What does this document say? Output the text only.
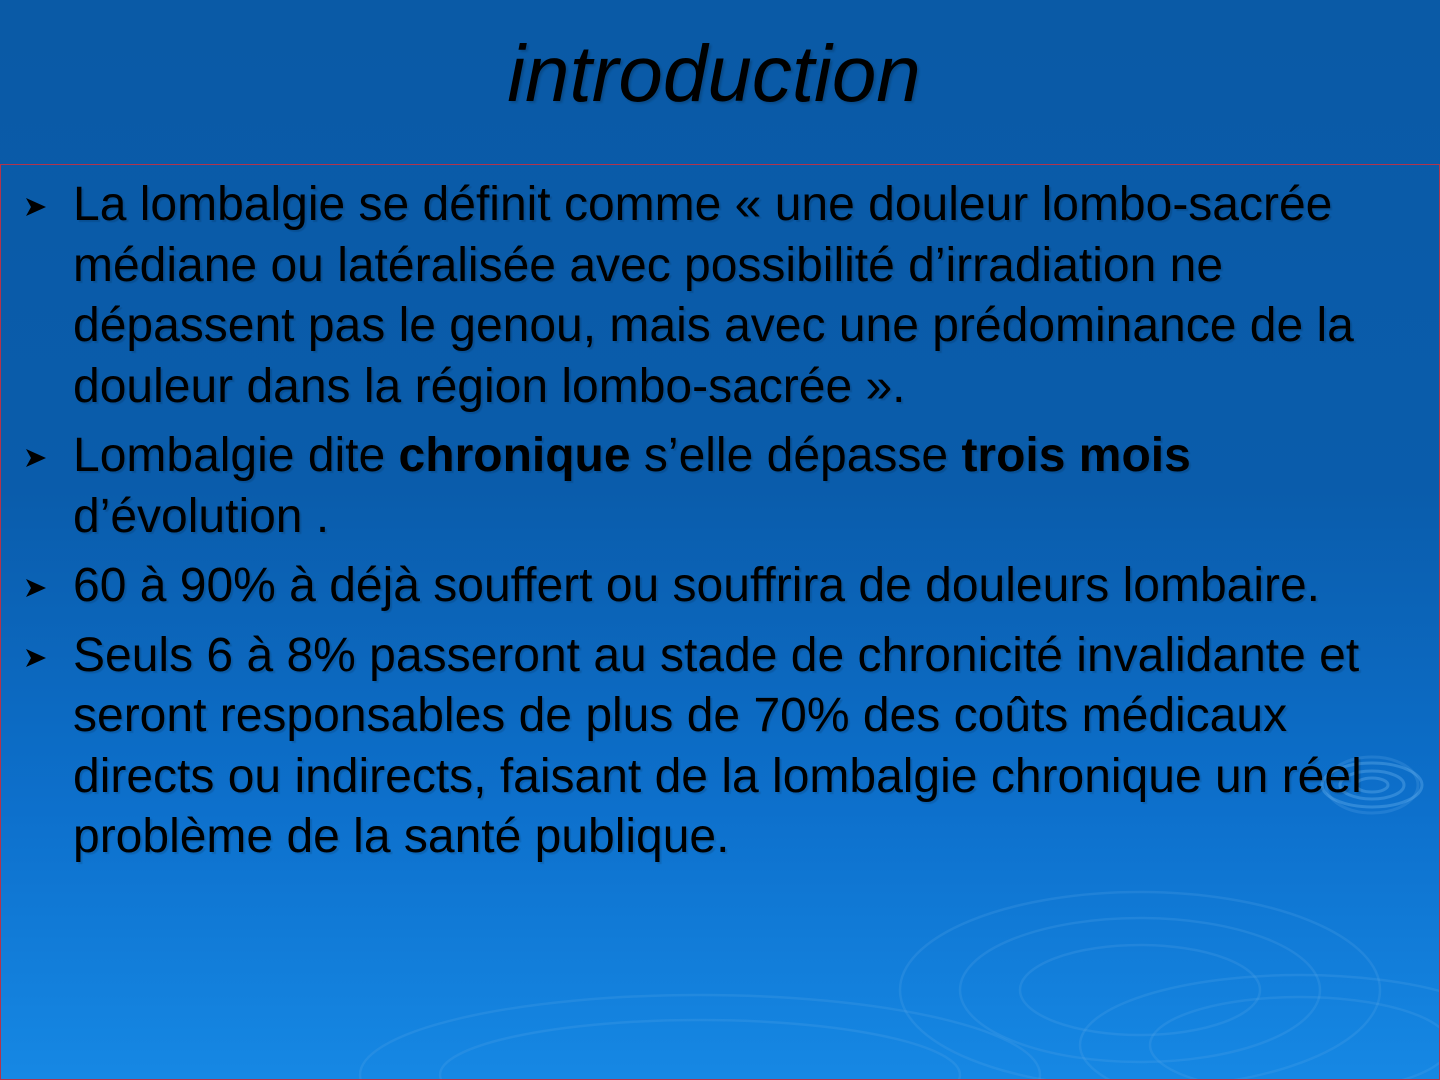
introduction
La lombalgie se définit comme « une douleur lombo-sacrée médiane ou latéralisée avec possibilité d’irradiation ne dépassent pas le genou, mais avec une prédominance de la douleur dans la région lombo-sacrée ».
Lombalgie dite chronique s’elle dépasse trois mois d’évolution .
60 à 90% à déjà souffert ou souffrira de douleurs lombaire.
Seuls 6 à 8% passeront au stade de chronicité invalidante et seront responsables de plus de 70% des coûts médicaux directs ou indirects, faisant de la lombalgie chronique un réel problème de la santé publique.
